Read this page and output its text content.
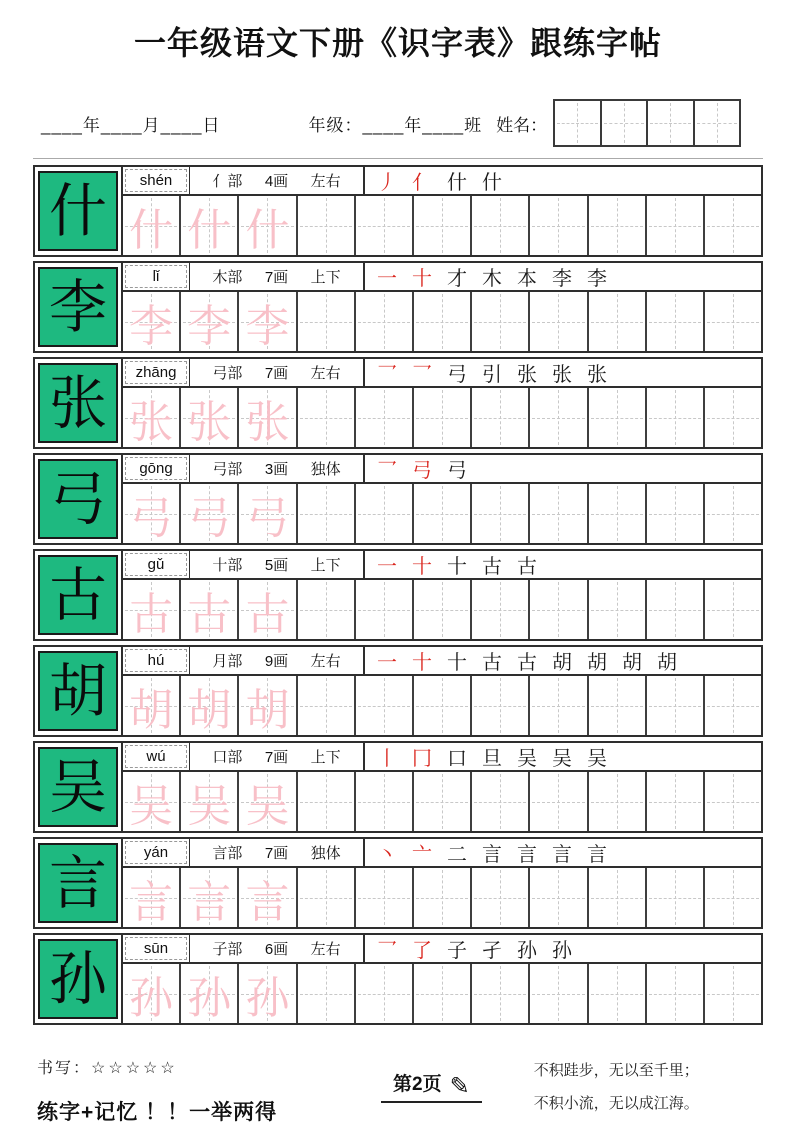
一年级语文下册《识字表》跟练字帖
____年____月____日	年级：____年____班 姓名：
什 shén	亻部 4画 左右 丿 亻 什 什
什 什 什
李	lǐ	木部 7画 上下 一 十 才 木 本 李 李
李 李 李
张 zhāng 弓部 7画 左右 乛 乛 弓 引 张 张 张
张 张 张
弓 gōng	弓部 3画 独体 乛 弓 弓
弓 弓 弓
古	gǔ	十部 5画 上下 一 十 十 古 古
古 古 古
胡	hú	月部 9画 左右 一 十 十 古 古 胡 胡 胡 胡
胡 胡 胡
吴	wú	口部 7画 上下 丨 冂 口 旦 吴 吴 吴
吴 吴 吴
言 yán	言部 7画 独体 丶 亠 二 言 言 言 言
言 言 言
孙 sūn	子部 6画 左右 乛 了 子 孑 孙 孙
孙 孙 孙
书写：☆☆☆☆☆
练字+记忆 ！！一举两得
第2页 ✎
不积跬步，无以至千里；
不积小流，无以成江海。
